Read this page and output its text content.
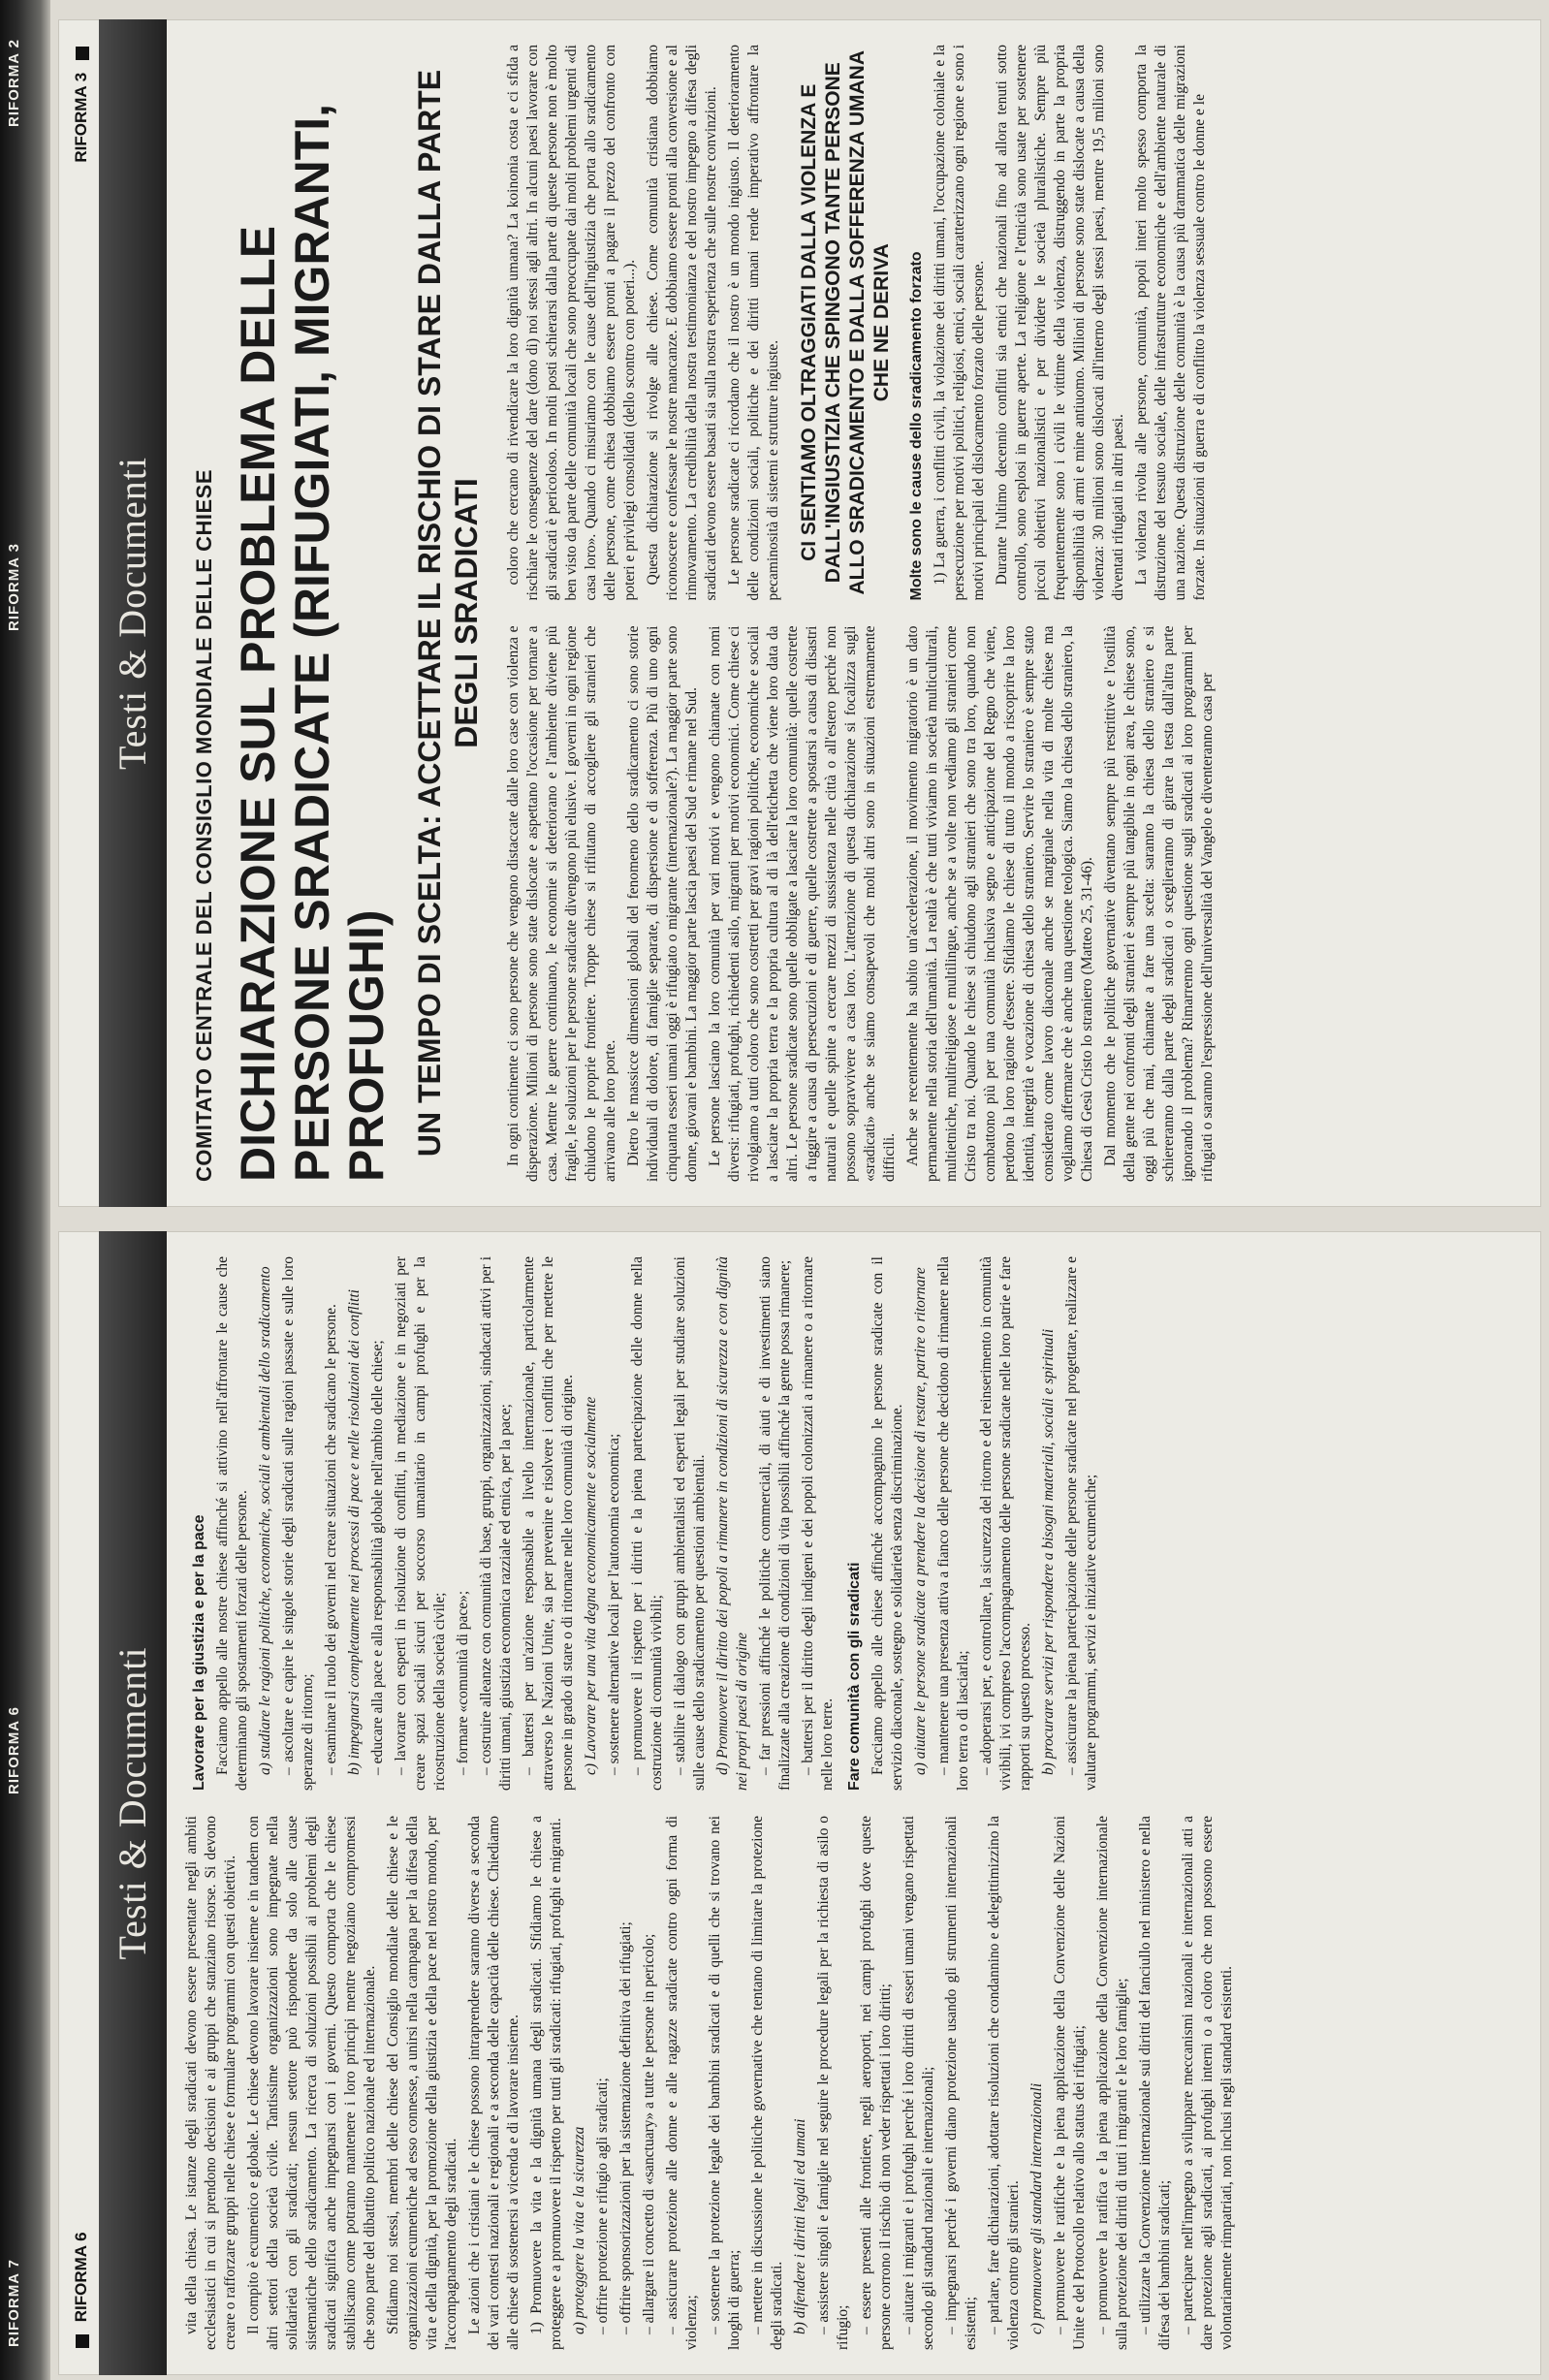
RIFORMA 2
RIFORMA 3
RIFORMA 6
RIFORMA 7	RIFORMA 6
Testi & Documenti

vita della chiesa. Le istanze degli sradicati devono essere presentate negli ambiti ecclesiastici in cui si prendono decisioni e ai gruppi che stanziano risorse. Si devono creare o rafforzare gruppi nelle chiese e formulare programmi con questi obiettivi. Il compito è ecumenico e globale. Le chiese devono lavorare insieme e in tandem con altri settori della società civile. Tantissime organizzazioni sono impegnate nella solidarietà con gli sradicati; nessun settore può rispondere da solo alle cause sistematiche dello sradicamento. La ricerca di soluzioni possibili ai problemi degli sradicati significa anche impegnarsi con i governi. Questo comporta che le chiese stabiliscano come potranno mantenere i loro principi mentre negoziano compromessi che sono parte del dibattito politico nazionale ed internazionale. Sfidiamo noi stessi, membri delle chiese del Consiglio mondiale delle chiese e le organizzazioni ecumeniche ad esso connesse, a unirsi nella campagna per la difesa della vita e della dignità, per la promozione della giustizia e della pace nel nostro mondo, per l'accompagnamento degli sradicati. Le azioni che i cristiani e le chiese possono intraprendere saranno diverse a seconda dei vari contesti nazionali e regionali e a seconda delle capacità delle chiese. Chiediamo alle chiese di sostenersi a vicenda e di lavorare insieme. 1) Promuovere la vita e la dignità umana degli sradicati. Sfidiamo le chiese a proteggere e a promuovere il rispetto per tutti gli sradicati: rifugiati, profughi e migranti. a) proteggere la vita e la sicurezza – offrire protezione e rifugio agli sradicati; – offrire sponsorizzazioni per la sistemazione definitiva dei rifugiati; – allargare il concetto di «sanctuary» a tutte le persone in pericolo; – assicurare protezione alle donne e alle ragazze sradicate contro ogni forma di violenza; – sostenere la protezione legale dei bambini sradicati e di quelli che si trovano nei luoghi di guerra; – mettere in discussione le politiche governative che tentano di limitare la protezione degli sradicati. b) difendere i diritti legali ed umani – assistere singoli e famiglie nel seguire le procedure legali per la richiesta di asilo o rifugio; – essere presenti alle frontiere, negli aeroporti, nei campi profughi dove queste persone corrono il rischio di non veder rispettati i loro diritti; – aiutare i migranti e i profughi perché i loro diritti di esseri umani vengano rispettati secondo gli standard nazionali e internazionali; – impegnarsi perché i governi diano protezione usando gli strumenti internazionali esistenti; – parlare, fare dichiarazioni, adottare risoluzioni che condannino e delegittimizzino la violenza contro gli stranieri. c) promuovere gli standard internazionali – promuovere le ratifiche e la piena applicazione della Convenzione delle Nazioni Unite e del Protocollo relativo allo status dei rifugiati; – promuovere la ratifica e la piena applicazione della Convenzione internazionale sulla protezione dei diritti di tutti i migranti e le loro famiglie; – utilizzare la Convenzione internazionale sui diritti del fanciullo nel ministero e nella difesa dei bambini sradicati; – partecipare nell'impegno a sviluppare meccanismi nazionali e internazionali atti a dare protezione agli sradicati, ai profughi interni o a coloro che non possono essere volontariamente rimpatriati, non inclusi negli standard esistenti.

Lavorare per la giustizia e per la pace Facciamo appello alle nostre chiese affinché si attivino nell'affrontare le cause che determinano gli spostamenti forzati delle persone. a) studiare le ragioni politiche, economiche, sociali e ambientali dello sradicamento – ascoltare e capire le singole storie degli sradicati sulle ragioni passate e sulle loro speranze di ritorno; – esaminare il ruolo dei governi nel creare situazioni che sradicano le persone. b) impegnarsi completamente nei processi di pace e nelle risoluzioni dei conflitti – educare alla pace e alla responsabilità globale nell'ambito delle chiese; – lavorare con esperti in risoluzione di conflitti, in mediazione e in negoziati per creare spazi sociali sicuri per soccorso umanitario in campi profughi e per la ricostruzione della società civile; – formare «comunità di pace»; – costruire alleanze con comunità di base, gruppi, organizzazioni, sindacati attivi per i diritti umani, giustizia economica razziale ed etnica, per la pace; – battersi per un'azione responsabile a livello internazionale, particolarmente attraverso le Nazioni Unite, sia per prevenire e risolvere i conflitti che per mettere le persone in grado di stare o di ritornare nelle loro comunità di origine. c) Lavorare per una vita degna economicamente e socialmente – sostenere alternative locali per l'autonomia economica; – promuovere il rispetto per i diritti e la piena partecipazione delle donne nella costruzione di comunità vivibili; – stabilire il dialogo con gruppi ambientalisti ed esperti legali per studiare soluzioni sulle cause dello sradicamento per questioni ambientali. d) Promuovere il diritto dei popoli a rimanere in condizioni di sicurezza e con dignità nei propri paesi di origine – far pressioni affinché le politiche commerciali, di aiuti e di investimenti siano finalizzate alla creazione di condizioni di vita possibili affinché la gente possa rimanere; – battersi per il diritto degli indigeni e dei popoli colonizzati a rimanere o a ritornare nelle loro terre. Fare comunità con gli sradicati Facciamo appello alle chiese affinché accompagnino le persone sradicate con il servizio diaconale, sostegno e solidarietà senza discriminazione. a) aiutare le persone sradicate a prendere la decisione di restare, partire o ritornare – mantenere una presenza attiva a fianco delle persone che decidono di rimanere nella loro terra o di lasciarla; – adoperarsi per, e controllare, la sicurezza del ritorno e del reinserimento in comunità vivibili, ivi compreso l'accompagnamento delle persone sradicate nelle loro patrie e fare rapporti su questo processo. b) procurare servizi per rispondere a bisogni materiali, sociali e spirituali – assicurare la piena partecipazione delle persone sradicate nel progettare, realizzare e valutare programmi, servizi e iniziative ecumeniche;

RIFORMA 3
Testi & Documenti	COMITATO CENTRALE DEL CONSIGLIO MONDIALE DELLE CHIESE DICHIARAZIONE SUL PROBLEMA DELLE PERSONE SRADICATE (RIFUGIATI, MIGRANTI, PROFUGHI) UN TEMPO DI SCELTA: ACCETTARE IL RISCHIO DI STARE DALLA PARTE DEGLI SRADICATI

In ogni continente ci sono persone che vengono distaccate dalle loro case con violenza e disperazione. Milioni di persone sono state dislocate e aspettano l'occasione per tornare a casa. Mentre le guerre continuano, le economie si deteriorano e l'ambiente diviene più fragile, le soluzioni per le persone sradicate divengono più elusive. I governi in ogni regione chiudono le proprie frontiere. Troppe chiese si rifiutano di accogliere gli stranieri che arrivano alle loro porte. Dietro le massicce dimensioni globali del fenomeno dello sradicamento ci sono storie individuali di dolore, di famiglie separate, di dispersione e di sofferenza. Più di uno ogni cinquanta esseri umani oggi è rifugiato o migrante (internazionale?). La maggior parte sono donne, giovani e bambini. La maggior parte lascia paesi del Sud e rimane nel Sud. Le persone lasciano la loro comunità per vari motivi e vengono chiamate con nomi diversi: rifugiati, profughi, richiedenti asilo, migranti per motivi economici. Come chiese ci rivolgiamo a tutti coloro che sono costretti per gravi ragioni politiche, economiche e sociali a lasciare la propria terra e la propria cultura al di là dell'etichetta che viene loro data da altri. Le persone sradicate sono quelle obbligate a lasciare la loro comunità: quelle costrette a fuggire a causa di persecuzioni e di guerre, quelle costrette a spostarsi a causa di disastri naturali e quelle spinte a cercare mezzi di sussistenza nelle città o all'estero perché non possono sopravvivere a casa loro. L'attenzione di questa dichiarazione si focalizza sugli «sradicati» anche se siamo consapevoli che molti altri sono in situazioni estremamente difficili. Anche se recentemente ha subito un'accelerazione, il movimento migratorio è un dato permanente nella storia dell'umanità. La realtà è che tutti viviamo in società multiculturali, multietniche, multireligiose e multilingue, anche se a volte non vediamo gli stranieri come Cristo tra noi. Quando le chiese si chiudono agli stranieri che sono tra loro, quando non combattono più per una comunità inclusiva segno e anticipazione del Regno che viene, perdono la loro ragione d'essere. Sfidiamo le chiese di tutto il mondo a riscoprire la loro identità, integrità e vocazione di chiesa dello straniero. Servire lo straniero è sempre stato considerato come lavoro diaconale anche se marginale nella vita di molte chiese ma vogliamo affermare che è anche una questione teologica. Siamo la chiesa dello straniero, la Chiesa di Gesù Cristo lo straniero (Matteo 25, 31-46). Dal momento che le politiche governative diventano sempre più restrittive e l'ostilità della gente nei confronti degli stranieri è sempre più tangibile in ogni area, le chiese sono, oggi più che mai, chiamate a fare una scelta: saranno la chiesa dello straniero e si schiereranno dalla parte degli sradicati o sceglieranno di girare la testa dall'altra parte ignorando il problema? Rimarrenno ogni questione sugli sradicati ai loro programmi per rifugiati o saranno l'espressione dell'universalità del Vangelo e diventeranno casa per

coloro che cercano di rivendicare la loro dignità umana? La koinonia costa e ci sfida a rischiare le conseguenze del dare (dono di) noi stessi agli altri. In alcuni paesi lavorare con gli sradicati è pericoloso. In molti posti schierarsi dalla parte di queste persone non è molto ben visto da parte delle comunità locali che sono preoccupate dai molti problemi urgenti «di casa loro». Quando ci misuriamo con le cause dell'ingiustizia che porta allo sradicamento delle persone, come chiesa dobbiamo essere pronti a pagare il prezzo del confronto con poteri e privilegi consolidati (dello scontro con poteri...). Questa dichiarazione si rivolge alle chiese. Come comunità cristiana dobbiamo riconoscere e confessare le nostre mancanze. E dobbiamo essere pronti alla conversione e al rinnovamento. La credibilità della nostra testimonianza e del nostro impegno a difesa degli sradicati devono essere basati sia sulla nostra esperienza che sulle nostre convinzioni. Le persone sradicate ci ricordano che il nostro è un mondo ingiusto. Il deterioramento delle condizioni sociali, politiche e dei diritti umani rende imperativo affrontare la pecaminosità di sistemi e strutture ingiuste. CI SENTIAMO OLTRAGGIATI DALLA VIOLENZA E DALL'INGIUSTIZIA CHE SPINGONO TANTE PERSONE ALLO SRADICAMENTO E DALLA SOFFERENZA UMANA CHE NE DERIVA Molte sono le cause dello sradicamento forzato 1) La guerra, i conflitti civili, la violazione dei diritti umani, l'occupazione coloniale e la persecuzione per motivi politici, religiosi, etnici, sociali caratterizzano ogni regione e sono i motivi principali del dislocamento forzato delle persone. Durante l'ultimo decennio conflitti sia etnici che nazionali fino ad allora tenuti sotto controllo, sono esplosi in guerre aperte. La religione e l'etnicità sono usate per sostenere piccoli obiettivi nazionalistici e per dividere le società pluralistiche. Sempre più frequentemente sono i civili le vittime della violenza, distruggendo in parte la propria disponibilità di armi e mine antiuomo. Milioni di persone sono state dislocate a causa della violenza: 30 milioni sono dislocati all'interno degli stessi paesi, mentre 19,5 milioni sono diventati rifugiati in altri paesi. La violenza rivolta alle persone, comunità, popoli interi molto spesso comporta la distruzione del tessuto sociale, delle infrastrutture economiche e dell'ambiente naturale di una nazione. Questa distruzione delle comunità è la causa più drammatica delle migrazioni forzate. In situazioni di guerra e di conflitto la violenza sessuale contro le donne e le
